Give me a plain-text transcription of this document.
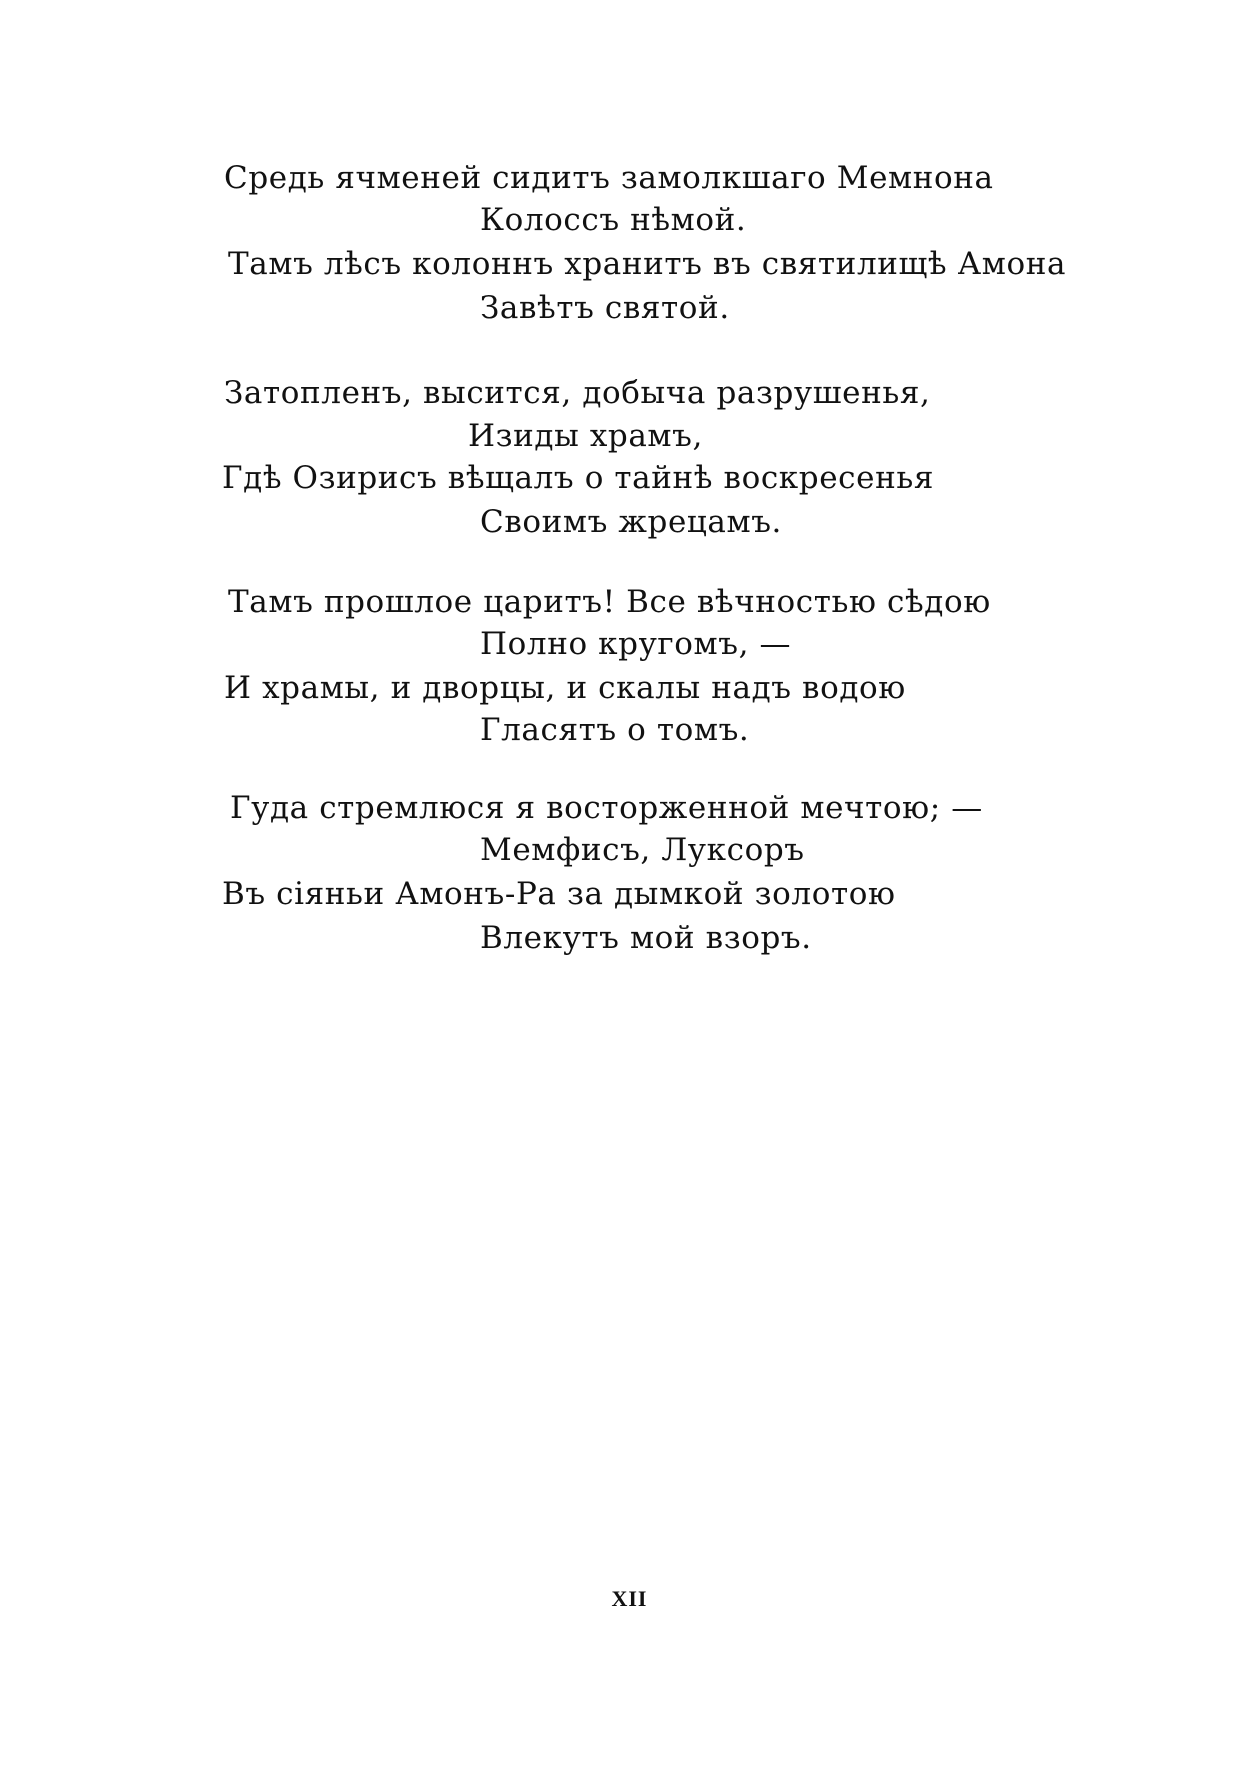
Средь ячменей сидитъ замолкшаго Мемнона
Колоссъ нѣмой.
Тамъ лѣсъ колоннъ хранитъ въ святилищѣ Амона
Завѣтъ святой.
Затопленъ, высится, добыча разрушенья,
Изиды храмъ,
Гдѣ Озирисъ вѣщалъ о тайнѣ воскресенья
Своимъ жрецамъ.
Тамъ прошлое царитъ! Все вѣчностью сѣдою
Полно кругомъ, —
И храмы, и дворцы, и скалы надъ водою
Гласятъ о томъ.
Гуда стремлюся я восторженной мечтою; —
Мемфисъ, Луксоръ
Въ сіяньи Амонъ-Ра за дымкой золотою
Влекутъ мой взоръ.
XII
